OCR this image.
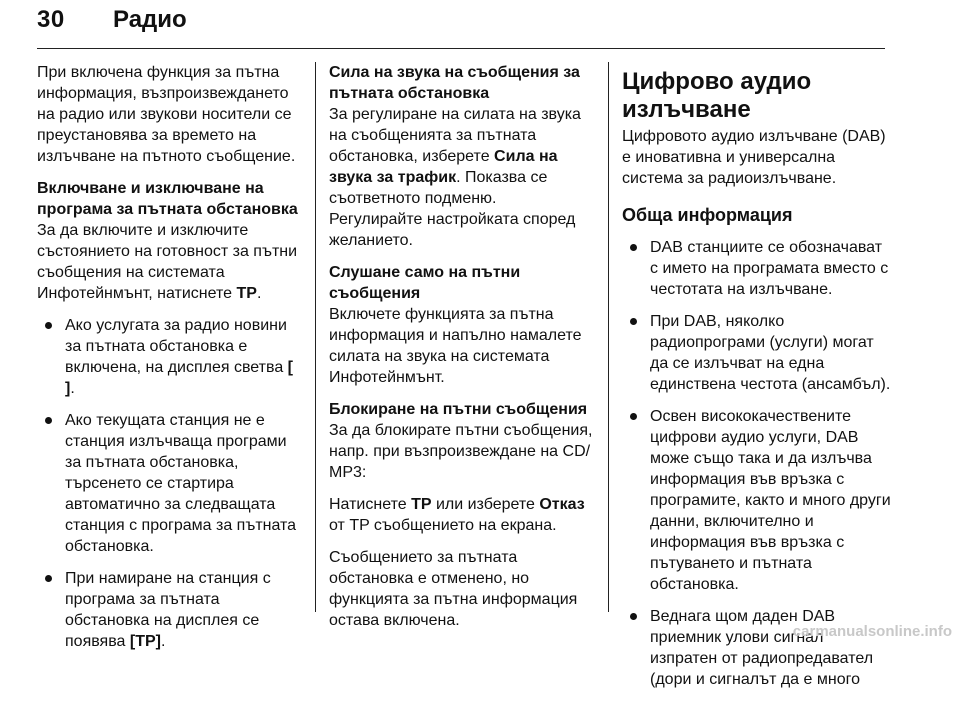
30 Радио

При включена функция за пътна информация, възпроизвеждането на радио или звукови носители се преустановява за времето на излъчване на пътното съобщение.

Включване и изключване на програма за пътната обстановка

За да включите и изключите състоянието на готовност за пътни съобщения на системата Инфотейнмънт, натиснете TP.

Ако услугата за радио новини за пътната обстановка е включена, на дисплея светва [ ].
Ако текущата станция не е станция излъчваща програми за пътната обстановка, търсенето се стартира автоматично за следващата станция с програма за пътната обстановка.
При намиране на станция с програма за пътната обстановка на дисплея се появява [TP].

Сила на звука на съобщения за пътната обстановка

За регулиране на силата на звука на съобщенията за пътната обстановка, изберете Сила на звука за трафик. Показва се съответното подменю.
Регулирайте настройката според желанието.

Слушане само на пътни съобщения

Включете функцията за пътна информация и напълно намалете силата на звука на системата Инфотейнмънт.

Блокиране на пътни съобщения

За да блокирате пътни съобщения, напр. при възпроизвеждане на CD/ MP3:

Натиснете TP или изберете Отказ от TP съобщението на екрана.

Съобщението за пътната обстановка е отменено, но функцията за пътна информация остава включена.

Цифрово аудио излъчване

Цифровото аудио излъчване (DAB) е иновативна и универсална система за радиоизлъчване.

Обща информация
DAB станциите се обозначават с името на програмата вместо с честотата на излъчване.
При DAB, няколко радиопрограми (услуги) могат да се излъчват на една единствена честота (ансамбъл).
Освен висококачествените цифрови аудио услуги, DAB може също така и да излъчва информация във връзка с програмите, както и много други данни, включително и информация във връзка с пътуването и пътната обстановка.
Веднага щом даден DAB приемник улови сигнал изпратен от радиопредавател (дори и сигналът да е много
carmanualsonline.info
